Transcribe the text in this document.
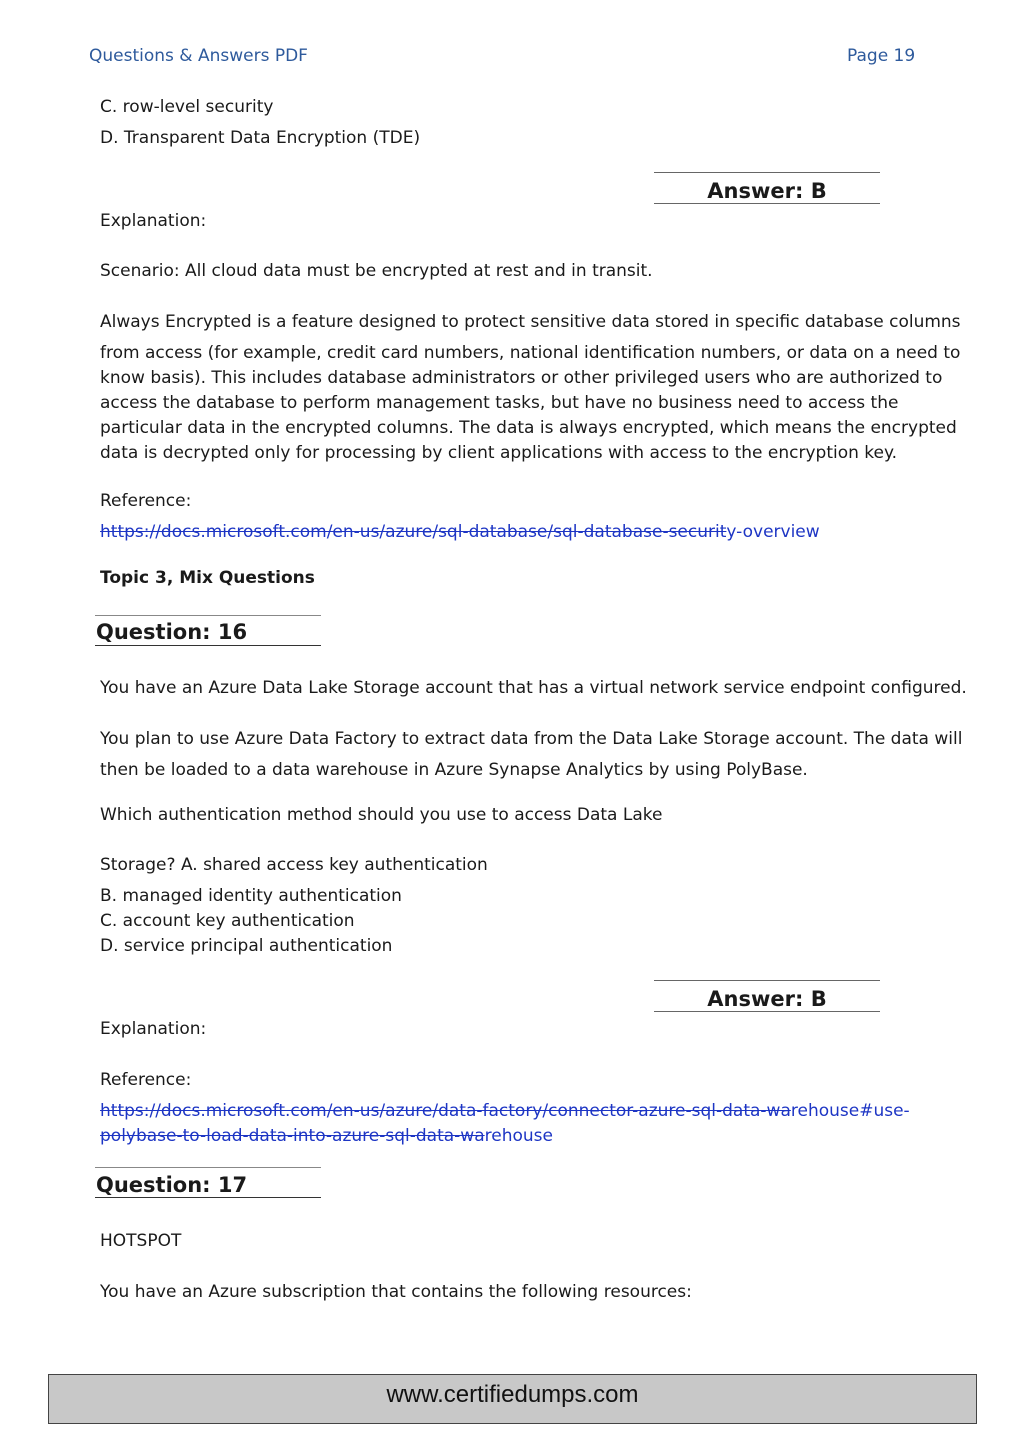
Questions & Answers PDF	Page 19
C. row-level security
D. Transparent Data Encryption (TDE)
Answer: B
Explanation:
Scenario: All cloud data must be encrypted at rest and in transit.
Always Encrypted is a feature designed to protect sensitive data stored in specific database columns
from access (for example, credit card numbers, national identification numbers, or data on a need to
know basis). This includes database administrators or other privileged users who are authorized to
access the database to perform management tasks, but have no business need to access the
particular data in the encrypted columns. The data is always encrypted, which means the encrypted
data is decrypted only for processing by client applications with access to the encryption key.
Reference:
https://docs.microsoft.com/en-us/azure/sql-database/sql-database-security-overview
Topic 3, Mix Questions
Question: 16
You have an Azure Data Lake Storage account that has a virtual network service endpoint configured.
You plan to use Azure Data Factory to extract data from the Data Lake Storage account. The data will
then be loaded to a data warehouse in Azure Synapse Analytics by using PolyBase.
Which authentication method should you use to access Data Lake
Storage? A. shared access key authentication
B. managed identity authentication
C. account key authentication
D. service principal authentication
Answer: B
Explanation:
Reference:
https://docs.microsoft.com/en-us/azure/data-factory/connector-azure-sql-data-warehouse#use-
polybase-to-load-data-into-azure-sql-data-warehouse
Question: 17
HOTSPOT
You have an Azure subscription that contains the following resources:
www.certifiedumps.com
